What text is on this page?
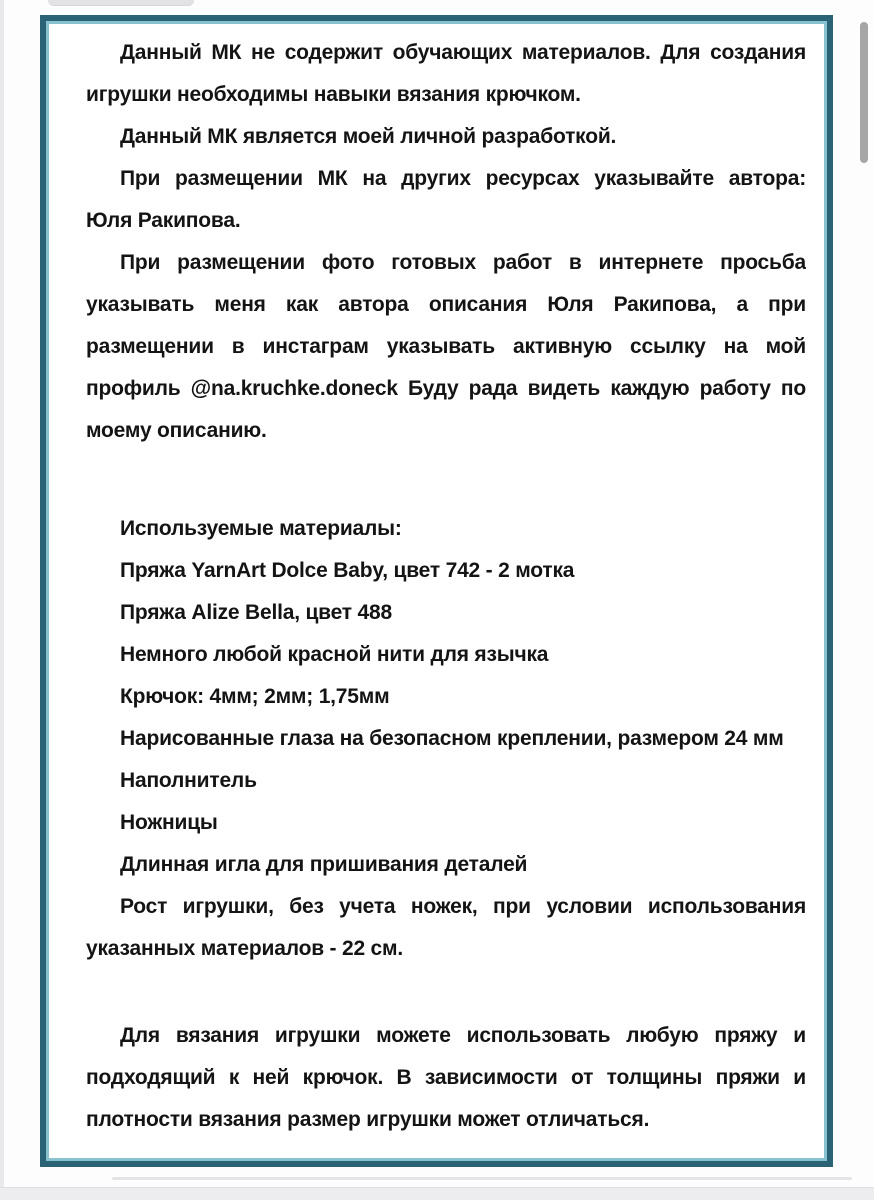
Данный МК не содержит обучающих материалов. Для создания
игрушки необходимы навыки вязания крючком.
Данный МК является моей личной разработкой.
При размещении МК на других ресурсах указывайте автора:
Юля Ракипова.
При размещении фото готовых работ в интернете просьба
указывать меня как автора описания Юля Ракипова, а при
размещении в инстаграм указывать активную ссылку на мой
профиль @na.kruchke.doneck Буду рада видеть каждую работу по
моему описанию.
Используемые материалы:
Пряжа YarnArt Dolce Baby, цвет 742 - 2 мотка
Пряжа Alize Bella, цвет 488
Немного любой красной нити для язычка
Крючок: 4мм; 2мм; 1,75мм
Нарисованные глаза на безопасном креплении, размером 24 мм
Наполнитель
Ножницы
Длинная игла для пришивания деталей
Рост игрушки, без учета ножек, при условии использования
указанных материалов - 22 см.
Для вязания игрушки можете использовать любую пряжу и
подходящий к ней крючок. В зависимости от толщины пряжи и
плотности вязания размер игрушки может отличаться.
